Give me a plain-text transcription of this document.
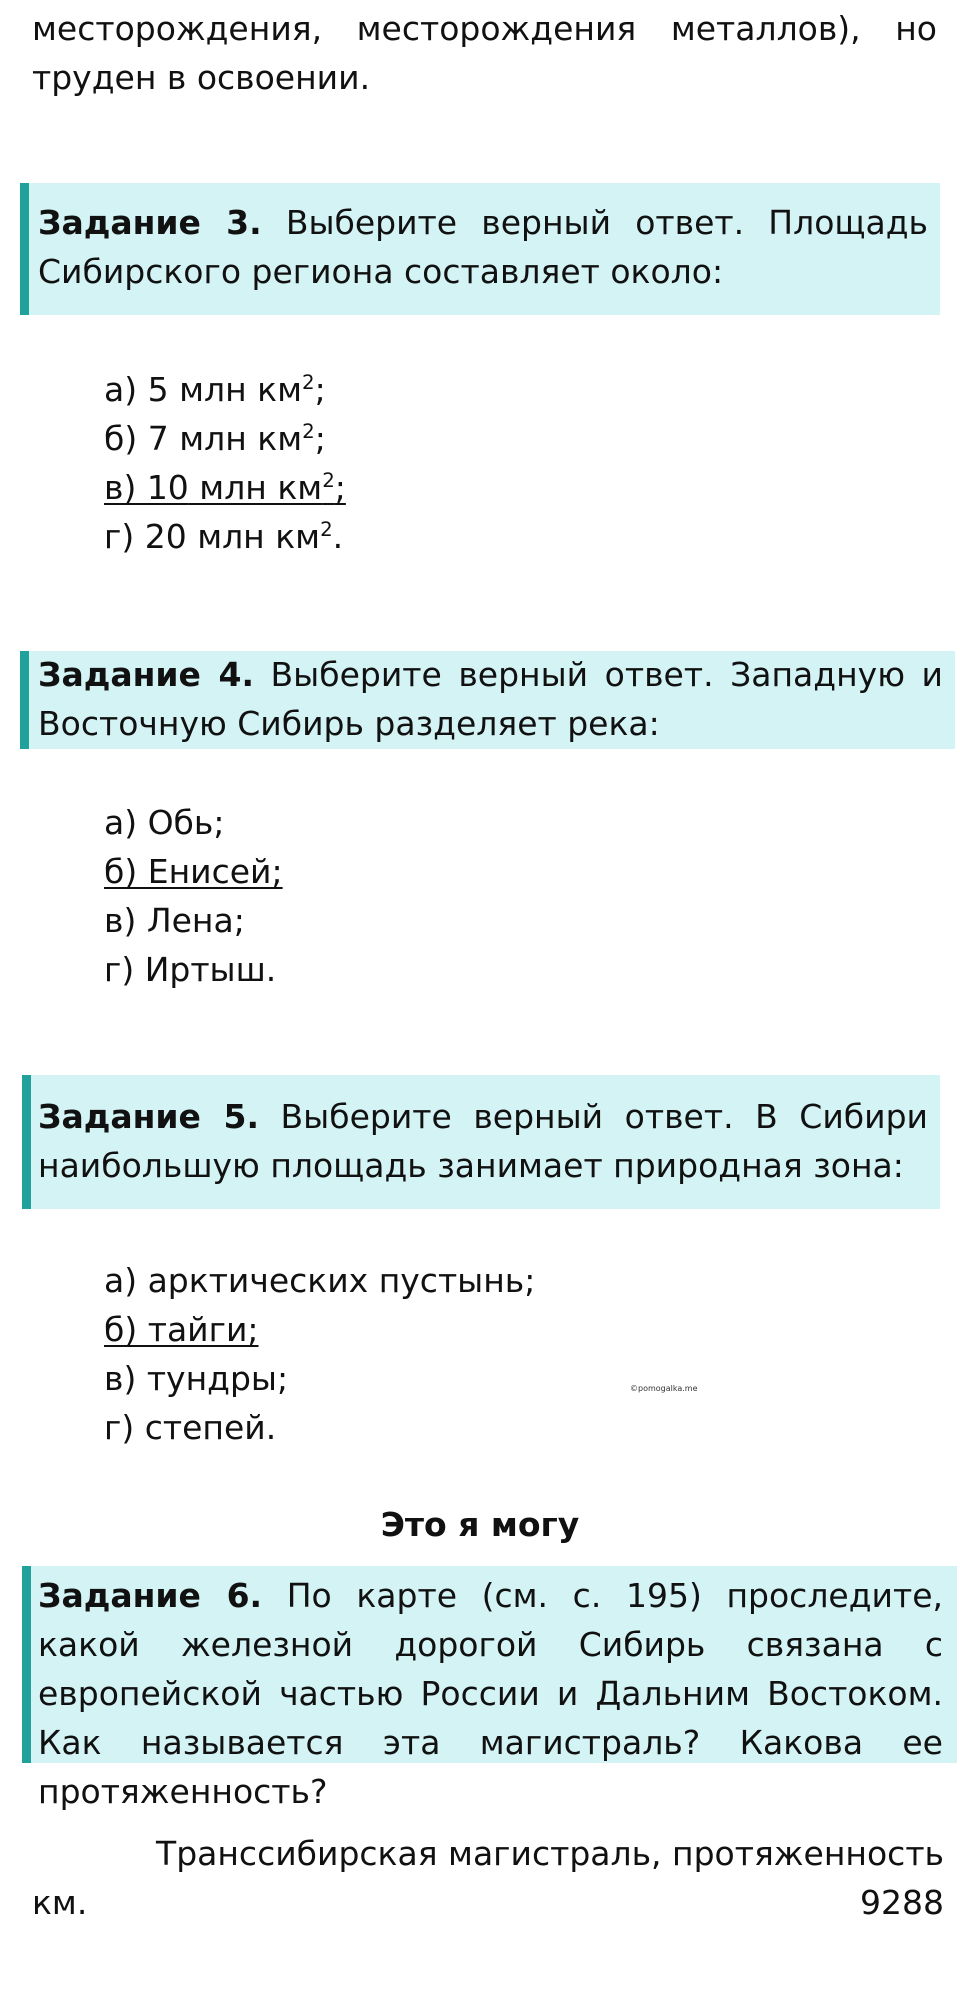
месторождения, месторождения металлов), но
труден в освоении.
Задание 3. Выберите верный ответ. Площадь Сибирского региона составляет около:
а) 5 млн $км^2$;
б) 7 млн $км^2$;
в) 10 млн $км^2$;
г) 20 млн $км^2$.
Задание 4. Выберите верный ответ. Западную и Восточную Сибирь разделяет река:
а) Обь;
б) Енисей;
в) Лена;
г) Иртыш.
Задание 5. Выберите верный ответ. В Сибири наибольшую площадь занимает природная зона:
а) арктических пустынь;
б) тайги;
в) тундры;
г) степей.
©pomogalka.me
Это я могу
Задание 6. По карте (см. с. 195) проследите, какой железной дорогой Сибирь связана с европейской частью России и Дальним Востоком. Как называется эта магистраль? Какова ее протяженность?
Транссибирская магистраль, протяженность 9288
км.
